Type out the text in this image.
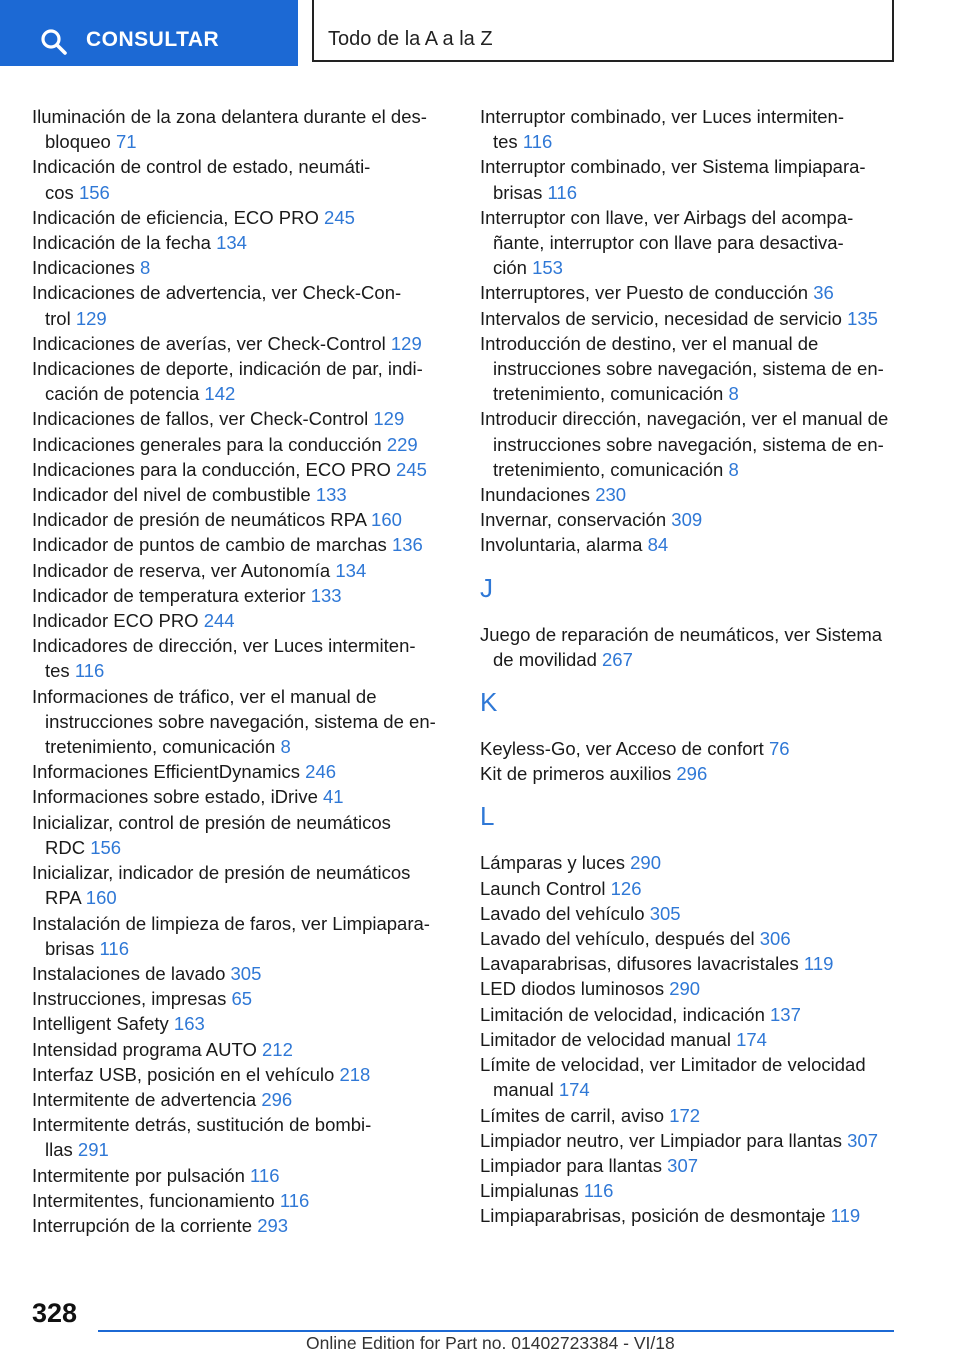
CONSULTAR	Todo de la A a la Z
Iluminación de la zona delantera durante el des‐
bloqueo 71
Indicación de control de estado, neumáti‐
cos 156
Indicación de eficiencia, ECO PRO 245
Indicación de la fecha 134
Indicaciones 8
Indicaciones de advertencia, ver Check-Con‐
trol 129
Indicaciones de averías, ver Check-Control 129
Indicaciones de deporte, indicación de par, indi‐
cación de potencia 142
Indicaciones de fallos, ver Check-Control 129
Indicaciones generales para la conducción 229
Indicaciones para la conducción, ECO PRO 245
Indicador del nivel de combustible 133
Indicador de presión de neumáticos RPA 160
Indicador de puntos de cambio de marchas 136
Indicador de reserva, ver Autonomía 134
Indicador de temperatura exterior 133
Indicador ECO PRO 244
Indicadores de dirección, ver Luces intermiten‐
tes 116
Informaciones de tráfico, ver el manual de
instrucciones sobre navegación, sistema de en‐
tretenimiento, comunicación 8
Informaciones EfficientDynamics 246
Informaciones sobre estado, iDrive 41
Inicializar, control de presión de neumáticos
RDC 156
Inicializar, indicador de presión de neumáticos
RPA 160
Instalación de limpieza de faros, ver Limpiapara‐
brisas 116
Instalaciones de lavado 305
Instrucciones, impresas 65
Intelligent Safety 163
Intensidad programa AUTO 212
Interfaz USB, posición en el vehículo 218
Intermitente de advertencia 296
Intermitente detrás, sustitución de bombi‐
llas 291
Intermitente por pulsación 116
Intermitentes, funcionamiento 116
Interrupción de la corriente 293
Interruptor combinado, ver Luces intermiten‐
tes 116
Interruptor combinado, ver Sistema limpiapara‐
brisas 116
Interruptor con llave, ver Airbags del acompa‐
ñante, interruptor con llave para desactiva‐
ción 153
Interruptores, ver Puesto de conducción 36
Intervalos de servicio, necesidad de servicio 135
Introducción de destino, ver el manual de
instrucciones sobre navegación, sistema de en‐
tretenimiento, comunicación 8
Introducir dirección, navegación, ver el manual de
instrucciones sobre navegación, sistema de en‐
tretenimiento, comunicación 8
Inundaciones 230
Invernar, conservación 309
Involuntaria, alarma 84
J
Juego de reparación de neumáticos, ver Sistema
de movilidad 267
K
Keyless-Go, ver Acceso de confort 76
Kit de primeros auxilios 296
L
Lámparas y luces 290
Launch Control 126
Lavado del vehículo 305
Lavado del vehículo, después del 306
Lavaparabrisas, difusores lavacristales 119
LED diodos luminosos 290
Limitación de velocidad, indicación 137
Limitador de velocidad manual 174
Límite de velocidad, ver Limitador de velocidad
manual 174
Límites de carril, aviso 172
Limpiador neutro, ver Limpiador para llantas 307
Limpiador para llantas 307
Limpialunas 116
Limpiaparabrisas, posición de desmontaje 119
328
Online Edition for Part no. 01402723384 - VI/18
